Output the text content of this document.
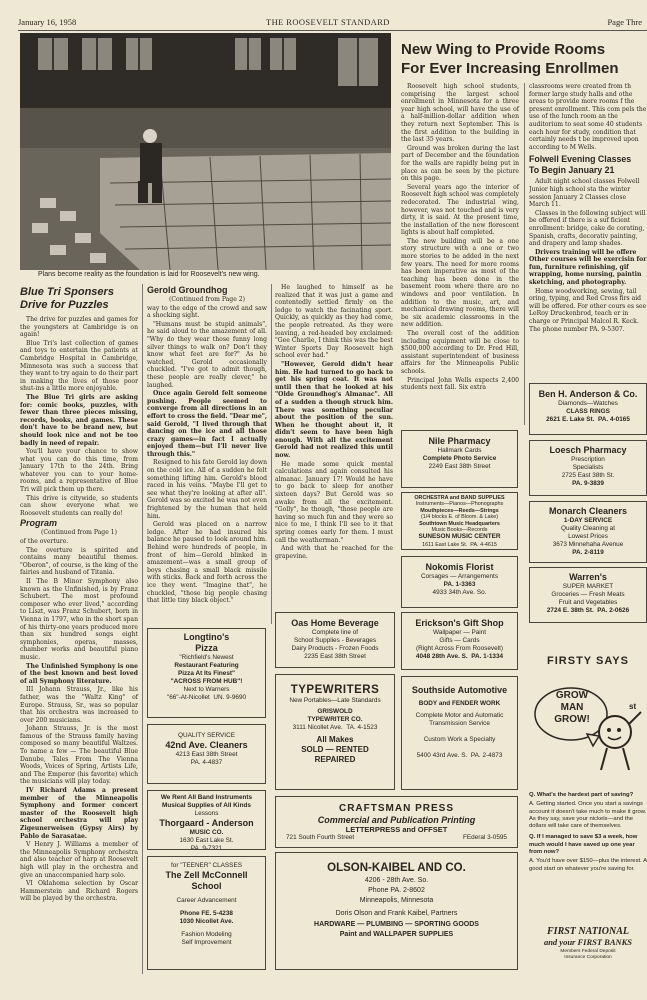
January 16, 1958	THE ROOSEVELT STANDARD	Page Thre
Plans become reality as the foundation is laid for Roosevelt's new wing.
Blue Tri Sponsers
Drive for Puzzles

The drive for puzzles and games for the youngsters at Cambridge is on again!

Blue Tri's last collection of games and toys to entertain the patients at Cambridge Hospital in Cambridge, Minnesota was such a success that they want to try again to do their part in making the lives of those poor shut-ins a little more enjoyable.

The Blue Tri girls are asking for: comic books, puzzles, with fewer than three pieces missing, records, books, and games. These don't have to be brand new, but should look nice and not be too badly in need of repair.

You'll have your chance to show what you can do this time, from January 17th to the 24th. Bring whatever you can to your home-rooms, and a representative of Blue Tri will pick them up there.

This drive is citywide, so students can show everyone what we Roosevelt students can really do!

Program

(Continued from Page 1)

of the overture.

The overture is spirited and contains many beautiful themes. "Oberon", of course, is the king of the fairies and husband of Titania.

II The B Minor Symphony also known as the Unfinished, is by Franz Schubert. The most profound composer who ever lived," according to Liszt, was Franz Schubert, born in Vienna in 1797, who in the short span of his thirty-one years produced more than six hundred songs eight symphonies, operas, masses, chamber works and beautiful piano music.

The Unfinished Symphony is one of the best known and best loved of all Symphony literature.

III Johann Strauss, Jr., like his father, was the "Waltz King" of Europe. Strauss, Sr., was so popular that his orchestra was increased to over 200 musicians.

Johann Strauss, Jr. is the most famous of the Strauss family having composed so many beautiful Waltzes. To name a few — The beautiful Blue Danube, Tales From The Vienna Woods, Voices of Spring, Artists Life, and The Emperor (his favorite) which the musicians will play today.

IV Richard Adams a present member of the Minneapolis Symphony and former concert master of the Roosevelt high school orchestra will play Zigeunerweisen (Gypsy Airs) by Pablo de Sarasatae.

V Henry J. Williams a member of the Minneapolis Symphony orchestra and also teacher of harp at Roosevelt high will play in the orchestra and give an unaccompanied harp solo.

VI Oklahoma selection by Oscar Hammerstein and Richard Rogers will be played by the orchestra.

Gerold Groundhog

(Continued from Page 2)

way to the edge of the crowd and saw a shocking sight.

"Humans must be stupid animals", he said aloud to the amazement of all. "Why do they wear those funny long silver things to walk on? Don't they know what feet are for?" As he watched, Gerold occasionally chuckled. "I've got to admit though, these people are really clever," he laughed.

Once again Gerold felt someone pushing. People seemed to converge from all directions in an effort to cross the field. "Dear me", said Gerold, "I lived through that dancing on the ice and all those crazy games—in fact I actually enjoyed them—but I'll never live through this."

Resigned to his fate Gerold lay down on the cold ice. All of a sudden he felt something lifting him. Gerold's blood raced in his veins. "Maybe I'll get to see what they're looking at after all". Gerold was so excited he was not even frightened by the human that held him.

Gerold was placed on a narrow ledge. After he had insured his balance he paused to look around him. Behind were hundreds of people, in front of him—Gerold blinked in amazement—was a small group of boys chasing a small black missile with sticks. Back and forth across the ice they went. "Imagine that", he chuckled, "those big people chasing that little tiny black object."

He laughed to himself as he realized that it was just a game and contentedly settled firmly on the ledge to watch the facinating sport. Quickly, as quickly as they had come, the people retreated. As they were leaving, a red-headed boy exclaimed: "Gee Charlie, I think this was the best Winter Sports Day Roosevelt high school ever had."

"However, Gerold didn't hear him. He had turned to go back to get his spring coat. It was not until then that he looked at his "Olde Groundhog's Almanac". All of a sudden a though struck him. There was something peculiar about the position of the sun. When he thought about it, it didn't seem to have been high enough. With all the excitement Gerold had not realized this until now.

He made some quick mental calculations and again consulted his almanac. January 17! Would he have to go back to sleep for another sixteen days? But Gerold was so awake from all the excitement. "Golly", he though, "those people are having so much fun and they were so nice to me, I think I'll see to it that spring comes early for them. I must call the weatherman."

And with that he reached for the grapevine.

New Wing to Provide Rooms
For Ever Increasing Enrollmen

Roosevelt high school students, comprising the largest school enrollment in Minnesota for a three year high school, will have the use of a half-million-dollar addition when they return next September. This is the first addition to the building in the last 35 years.

Ground was broken during the last part of December and the foundation for the walls are rapidly being put in place as can be seen by the picture on this page.

Several years ago the interior of Roosevelt high school was completely redecorated. The industrial wing, however, was not touched and is very dirty, it is said. At the present time, the installation of the new florescent lights is about half completed.

The new building will be a one story structure with a one or two more stories to be added in the next few years. The need for more rooms has been imperative as most of the teaching has been done in the basement room where there are no windows and poor ventilation. In addition to the music, art, and mechanical drawing rooms, there will be six academic classrooms in the new addition.

The overall cost of the addition including equipment will be close to $500,000 according to Dr. Fred Hill, assistant superintendent of business affairs for the Minneapolis Public schools.

Principal John Wells expects 2,400 students next fall. Six extra

classrooms were created from th former large study halls and othe areas to provide more rooms f the present enrollment. This com pels the use of the lunch room an the auditorium to seat some 40 students each hour for study, condition that certainly needs t be improved upon according to M Wells.

Folwell Evening Classes
To Begin January 21

Adult night school classes Folwell Junior high school sta the winter session January 2 Classes close March 11.

Classes in the following subject will be offered if there is a suf ficient enrollment: bridge, cake de corating, Spanish, crafts, decorativ painting, and drapery and lamp shades.

Drivers training will be offere Other courses will be exercisin for fun, furniture refinishing, gif wrapping, home nursing, paintin sketching, and photography.

Home woodworking, sewing, tail oring, typing, and Red Cross firs aid will be offered. For other cours es see LeRoy Druckenbrod, teach er in charge or Principal Malcol R. Keck. The phone number PA. 9-5307.

Longtino's
Pizza
"Richfield's Newest
Restaurant Featuring
Pizza At Its Finest"
"ACROSS FROM HUB"!
Next to Warners
"66"-At-Nicollet UN. 9-9690
QUALITY SERVICE
42nd Ave. Cleaners
4213 East 38th Street
PA. 4-4837
We Rent All Band Instruments
Musical Supplies of All Kinds
Lessons
Thorgaard - Anderson
MUSIC CO.
1630 East Lake St.
PA. 9-7321
for "TEENER" CLASSES
The Zell McConnell
School
Career Advancement
Phone FE. 5-4238
1030 Nicollet Ave.
Fashion Modeling
Self Improvement
Nile Pharmacy
Hallmark Cards
Complete Photo Service
2249 East 38th Street
ORCHESTRA and BAND SUPPLIES
Instruments—Pianos—Phonographs
Mouthpieces—Reeds—Strings
(1/4 blocks E. of Bloom. & Lake)
Southtown Music Headquarters
Music Books—Records
SUNESON MUSIC CENTER
1611 East Lake St. PA. 4-4615
Nokomis Florist
Corsages — Arrangements
PA. 1-3363
4933 34th Ave. So.
Oas Home Beverage
Complete line of
School Supplies - Beverages
Dairy Products - Frozen Foods
2235 East 38th Street
Erickson's Gift Shop
Wallpaper — Paint
Gifts — Cards
(Right Across From Roosevelt)
4048 28th Ave. S. PA. 1-1334
TYPEWRITERS
New Portables—Late Standards
GRISWOLD
TYPEWRITER CO.
3111 Nicollet Ave. TA. 4-1523
All Makes
SOLD — RENTED
REPAIRED
Southside Automotive
BODY and FENDER WORK
Complete Motor and Automatic
Transmission Service
Custom Work a Specialty
5400 43rd Ave. S. PA. 2-4873
CRAFTSMAN PRESS
Commercial and Publication Printing
LETTERPRESS and OFFSET
721 South Fourth Street	FEderal 3-0595
OLSON-KAIBEL AND CO.
4206 - 28th Ave. So.
Phone PA. 2-8602
Minneapolis, Minnesota
Doris Olson and Frank Kaibel, Partners
HARDWARE — PLUMBING — SPORTING GOODS
Paint and WALLPAPER SUPPLIES
Ben H. Anderson & Co.
Diamonds—Watches
CLASS RINGS
2621 E. Lake St. PA. 4-0165
Loesch Pharmacy
Prescription
Specialists
2725 East 38th St.
PA. 9-3839
Monarch Cleaners
1-DAY SERVICE
Quality Cleaning at
Lowest Prices
3673 Minnehaha Avenue
PA. 2-8119
Warren's
SUPER MARKET
Groceries — Fresh Meats
Fruit and Vegetables
2724 E. 38th St. PA. 2-0626
FIRSTY SAYS
GROW
MAN
GROW!
st

Q. What's the hardest part of saving?

A. Getting started. Once you start a savings account it doesn't take much to make it grow. As they say, save your nickels—and the dollars will take care of themselves.

Q. If I managed to save $3 a week, how much would I have saved up one year from now?

A. You'd have over $150—plus the interest. A good start on whatever you're saving for.

FIRST NATIONAL
and your FIRST BANKS
Members Federal Deposit
Insurance Corporation
